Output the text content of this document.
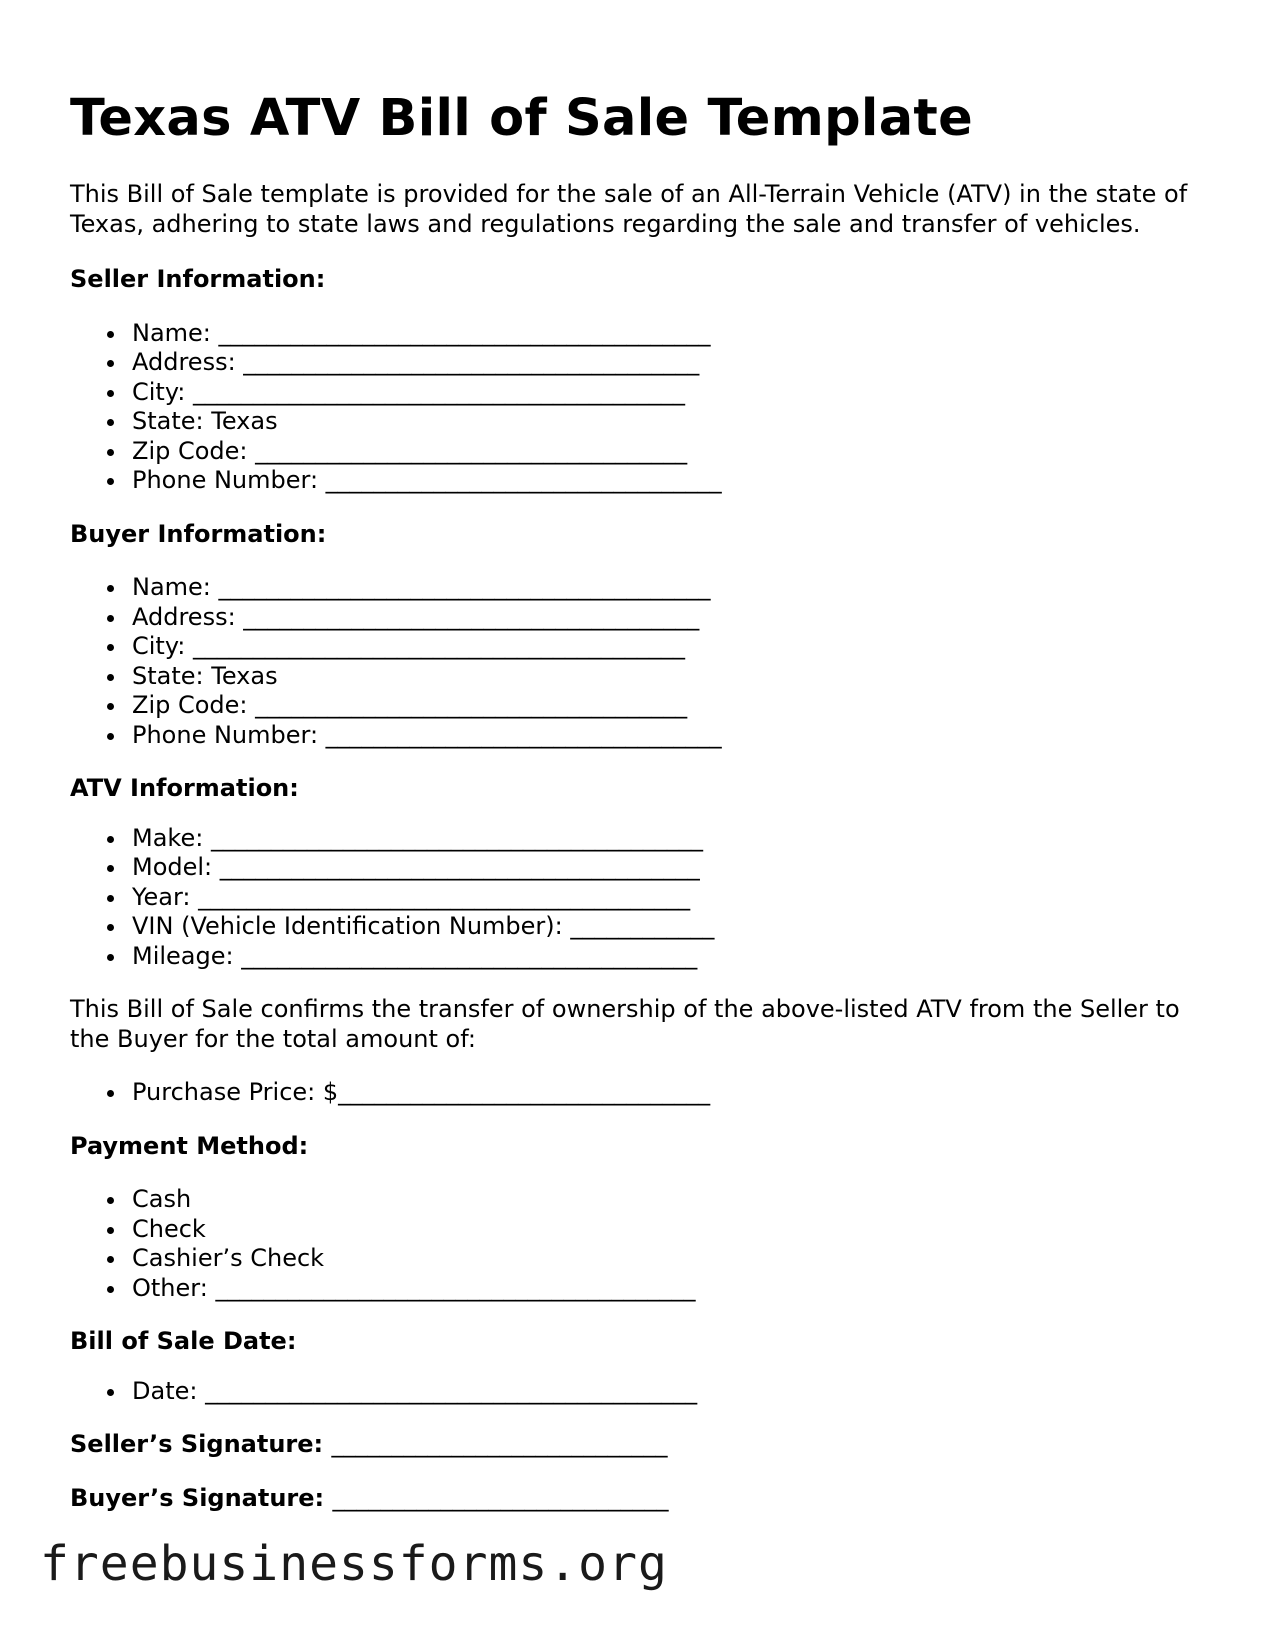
Texas ATV Bill of Sale Template

This Bill of Sale template is provided for the sale of an All-Terrain Vehicle (ATV) in the state of Texas, adhering to state laws and regulations regarding the sale and transfer of vehicles.

Seller Information:
Name: _________________________________________
Address: ______________________________________
City: _________________________________________
State: Texas
Zip Code: ____________________________________
Phone Number: _________________________________
Buyer Information:
Name: _________________________________________
Address: ______________________________________
City: _________________________________________
State: Texas
Zip Code: ____________________________________
Phone Number: _________________________________
ATV Information:
Make: _________________________________________
Model: ________________________________________
Year: _________________________________________
VIN (Vehicle Identification Number): ____________
Mileage: ______________________________________

This Bill of Sale confirms the transfer of ownership of the above-listed ATV from the Seller to the Buyer for the total amount of:

Purchase Price: $_______________________________
Payment Method:
Cash
Check
Cashier’s Check
Other: ________________________________________
Bill of Sale Date:
Date: _________________________________________
Seller’s Signature: ____________________________
Buyer’s Signature: ____________________________
freebusinessforms.org
